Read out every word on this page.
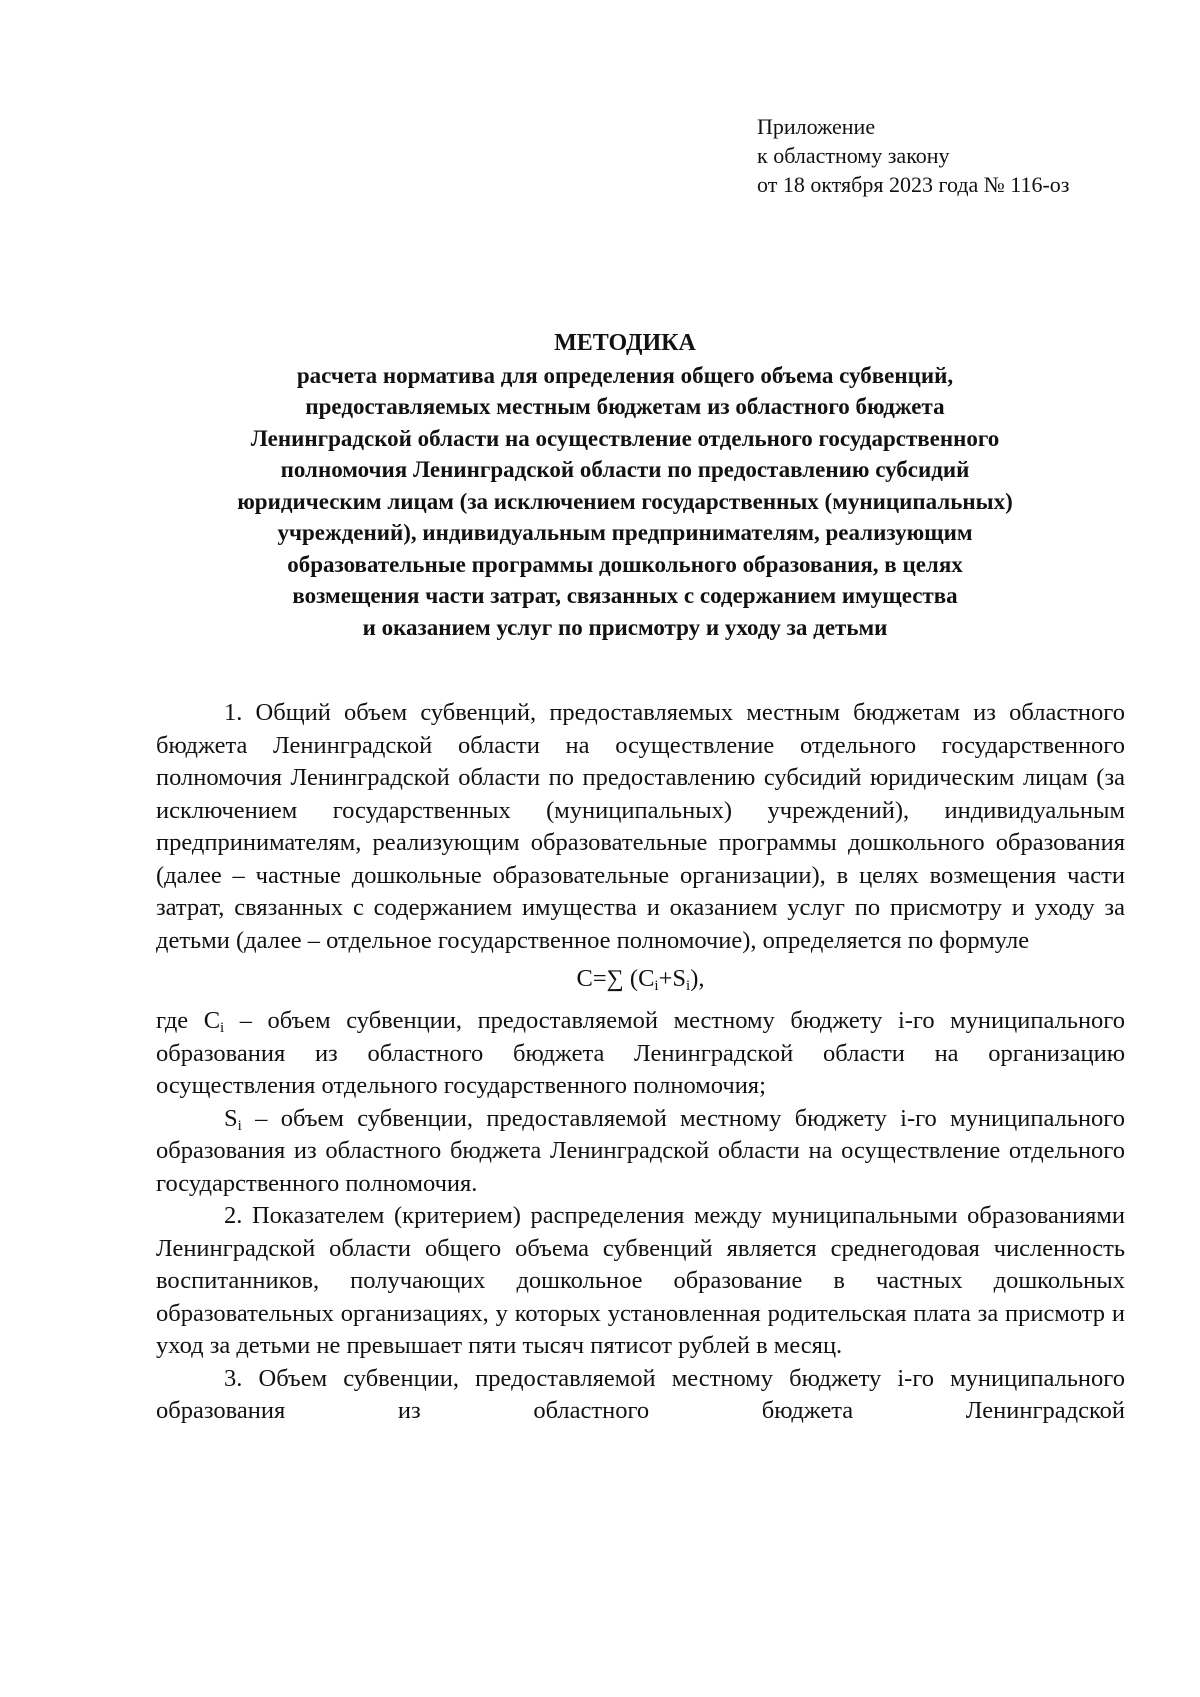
Приложение
к областному закону
от 18 октября 2023 года № 116-оз
МЕТОДИКА
расчета норматива для определения общего объема субвенций,
предоставляемых местным бюджетам из областного бюджета
Ленинградской области на осуществление отдельного государственного
полномочия Ленинградской области по предоставлению субсидий
юридическим лицам (за исключением государственных (муниципальных)
учреждений), индивидуальным предпринимателям, реализующим
образовательные программы дошкольного образования, в целях
возмещения части затрат, связанных с содержанием имущества
и оказанием услуг по присмотру и уходу за детьми

1. Общий объем субвенций, предоставляемых местным бюджетам из областного бюджета Ленинградской области на осуществление отдельного государственного полномочия Ленинградской области по предоставлению субсидий юридическим лицам (за исключением государственных (муниципальных) учреждений), индивидуальным предпринимателям, реализующим образовательные программы дошкольного образования (далее – частные дошкольные образовательные организации), в целях возмещения части затрат, связанных с содержанием имущества и оказанием услуг по присмотру и уходу за детьми (далее – отдельное государственное полномочие), определяется по формуле

C=∑ $(C_i+S_i)$,

где $C_i$ – объем субвенции, предоставляемой местному бюджету i-го муниципального образования из областного бюджета Ленинградской области на организацию осуществления отдельного государственного полномочия;

$S_i$ – объем субвенции, предоставляемой местному бюджету i-го муниципального образования из областного бюджета Ленинградской области на осуществление отдельного государственного полномочия.

2. Показателем (критерием) распределения между муниципальными образованиями Ленинградской области общего объема субвенций является среднегодовая численность воспитанников, получающих дошкольное образование в частных дошкольных образовательных организациях, у которых установленная родительская плата за присмотр и уход за детьми не превышает пяти тысяч пятисот рублей в месяц.

3. Объем субвенции, предоставляемой местному бюджету i-го муниципального образования из областного бюджета Ленинградской
